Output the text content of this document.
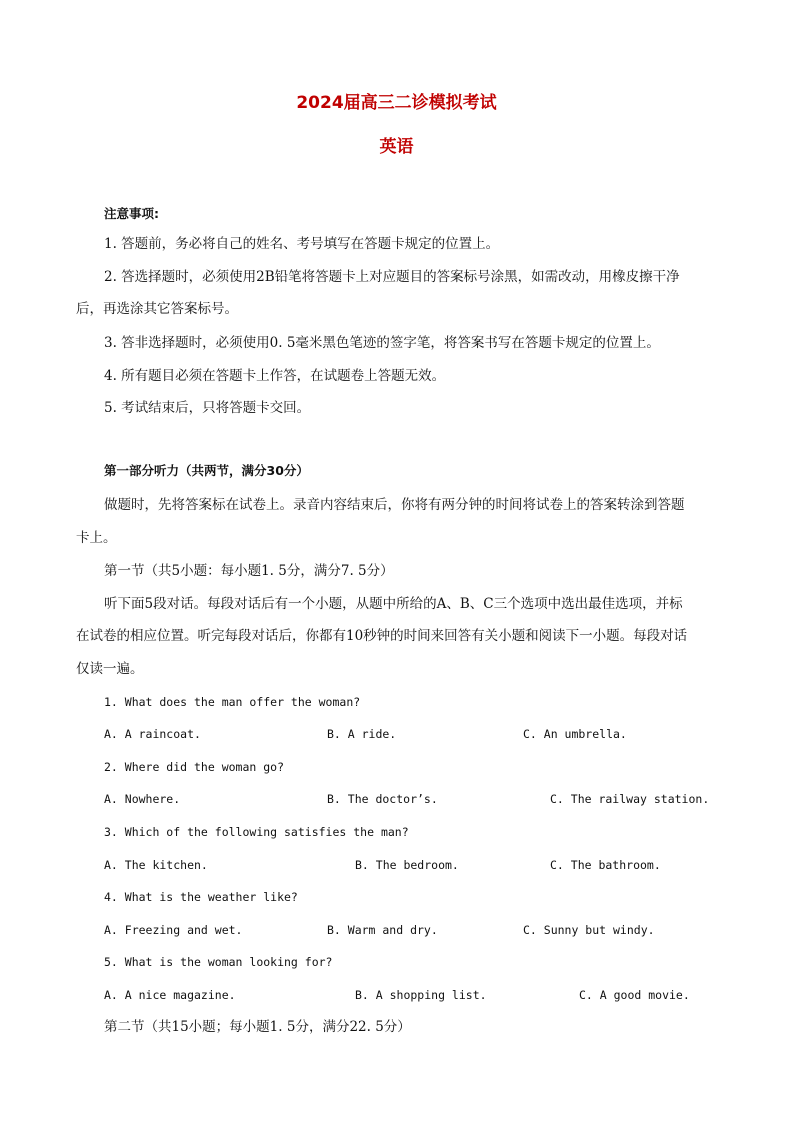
2024届高三二诊模拟考试
英语
注意事项:
1. 答题前，务必将自己的姓名、考号填写在答题卡规定的位置上。
2. 答选择题时，必须使用2B铅笔将答题卡上对应题目的答案标号涂黑，如需改动，用橡皮擦干净
后，再选涂其它答案标号。
3. 答非选择题时，必须使用0. 5毫米黑色笔迹的签字笔，将答案书写在答题卡规定的位置上。
4. 所有题目必须在答题卡上作答，在试题卷上答题无效。
5. 考试结束后，只将答题卡交回。
第一部分听力（共两节，满分30分）
做题时，先将答案标在试卷上。录音内容结束后，你将有两分钟的时间将试卷上的答案转涂到答题
卡上。
第一节（共5小题：每小题1. 5分，满分7. 5分）
听下面5段对话。每段对话后有一个小题，从题中所给的A、B、C三个选项中选出最佳选项，并标
在试卷的相应位置。听完每段对话后，你都有10秒钟的时间来回答有关小题和阅读下一小题。每段对话
仅读一遍。
1. What does the man offer the woman?
A. A raincoat.	B. A ride.	C. An umbrella.
2. Where did the woman go?
A. Nowhere.	B. The doctor’s.	C. The railway station.
3. Which of the following satisfies the man?
A. The kitchen.	B. The bedroom.	C. The bathroom.
4. What is the weather like?
A. Freezing and wet.	B. Warm and dry.	C. Sunny but windy.
5. What is the woman looking for?
A. A nice magazine.	B. A shopping list.	C. A good movie.
第二节（共15小题；每小题1. 5分，满分22. 5分）
